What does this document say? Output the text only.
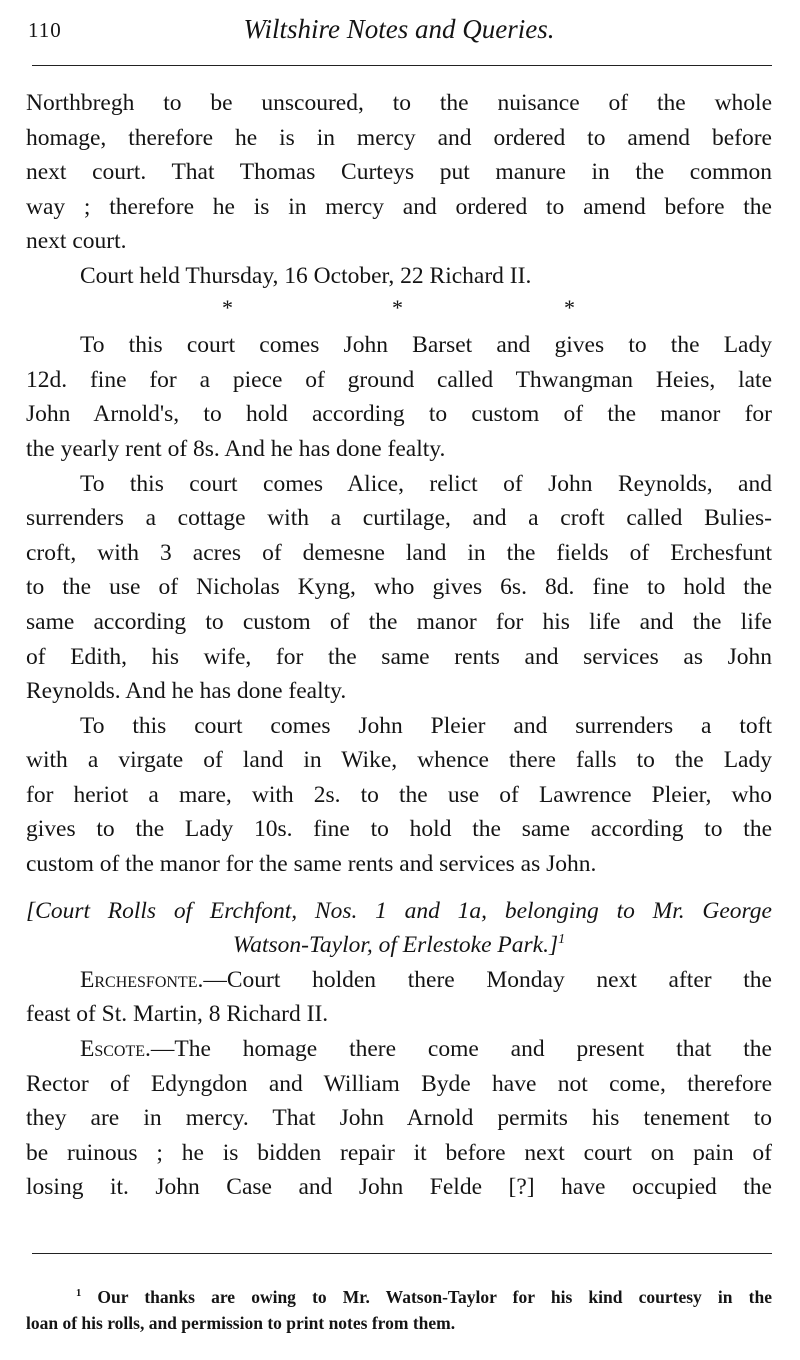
110	Wiltshire Notes and Queries.
Northbregh to be unscoured, to the nuisance of the whole
homage, therefore he is in mercy and ordered to amend before
next court. That Thomas Curteys put manure in the common
way ; therefore he is in mercy and ordered to amend before the
next court.
Court held Thursday, 16 October, 22 Richard II.
*	*	*
To this court comes John Barset and gives to the Lady
12d. fine for a piece of ground called Thwangman Heies, late
John Arnold's, to hold according to custom of the manor for
the yearly rent of 8s. And he has done fealty.
To this court comes Alice, relict of John Reynolds, and
surrenders a cottage with a curtilage, and a croft called Bulies-
croft, with 3 acres of demesne land in the fields of Erchesfunt
to the use of Nicholas Kyng, who gives 6s. 8d. fine to hold the
same according to custom of the manor for his life and the life
of Edith, his wife, for the same rents and services as John
Reynolds. And he has done fealty.
To this court comes John Pleier and surrenders a toft
with a virgate of land in Wike, whence there falls to the Lady
for heriot a mare, with 2s. to the use of Lawrence Pleier, who
gives to the Lady 10s. fine to hold the same according to the
custom of the manor for the same rents and services as John.
[Court Rolls of Erchfont, Nos. 1 and 1a, belonging to Mr. George
Watson-Taylor, of Erlestoke Park.]$^1$
Erchesfonte.—Court holden there Monday next after the
feast of St. Martin, 8 Richard II.
Escote.—The homage there come and present that the
Rector of Edyngdon and William Byde have not come, therefore
they are in mercy. That John Arnold permits his tenement to
be ruinous ; he is bidden repair it before next court on pain of
losing it. John Case and John Felde [?] have occupied the
$^1$ Our thanks are owing to Mr. Watson-Taylor for his kind courtesy in the
loan of his rolls, and permission to print notes from them.
